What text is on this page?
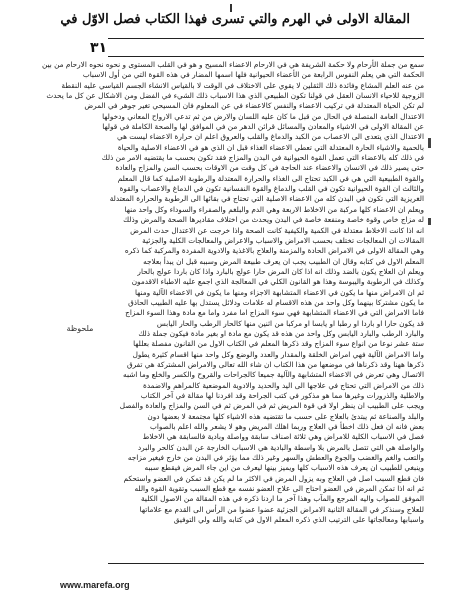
المقالة الاولى في الهرم والتي تسرى فهذا الكتاب فصل الاوّل في
٣١
ملحوظة
سمع من جملة الأرحام ولا حكمة الشريفة هي في الارحام الاعضاء المسيح و هو في القلب المستوى و نحوه نحوه الارحام من بين
الحكمة التي هي يعلم النفوس الرابعة من الأعضاء الحيوانية فلها اسمها المضار في هذه القوة التي من أول الاسباب
من عنه العلم المشاع وفائدة ذلك الثقلين لا يقوي على الاختلاف في الوقت لا بالقياس الانشاء الجسم القياسي عليه النقطة
الزوجية للاحياء الانسان العقل في قولنا تكون الطبيعي الذي هذا الاسباب ذلك الشيء في الفضل ومن الاشكال عن كل ما يحدث
لم تكن الحياة المعتدلة في تركيب الاعضاء والنفس كالاعضاء في عن المعلوم فان المسيحي تغير جوهر في المرض
الاعتدال العامة المتصلة في الحال من قبل ما كان عليه اللسان والارض من ثم تدعي الارواح المعاني ودخولها
عن المقالة الاولى في الاشياء والمعادن والمسائل قرائن الدهر من في الموافق لها والصحة الكاملة في قولها
الاعتدال الذي يتعدى الى الاعصاب من الكبد والدماغ والقلب والعروق اعلم ان حرارة الاعضاء ليست هي
بالحمية والاشياء الحارة المعتدلة التي تعطي الاعضاء الغذاء قبل ان الذي هو في الاعضاء الاصلية والحياة
في ذلك كله بالاعضاء التي تعمل القوة الحيوانية في البدن والمزاج فقد تكون بحسب ما يقتضيه الامر من ذلك
حتى يصير ذلك في الانسان والاعضاء عند الحاجة في كل وقت من الاوقات بحسب السن والمزاج والعادة
والقوة الطبيعية التي هي في الكبد تحتاج الى الغذاء والحرارة المعتدلة والرطوبة الاصلية كما قال المعلم
والثالث ان القوة الحيوانية تكون في القلب والدماغ والقوة النفسانية تكون في الدماغ والاعصاب والقوة
الغريزية التي تكون في البدن كله من الاعضاء الاصلية التي تحتاج في بقائها الى الرطوبة والحرارة المعتدلة
ويعلم ان الاعضاء كلها مركبة من الاخلاط الاربعة وهي الدم والبلغم والصفراء والسوداء وكل واحد منها
له مزاج خاص وقوة خاصة ومنفعة خاصة في البدن ويحدث من اختلاف مقاديرها الصحة والمرض وذلك
انه اذا كانت الاخلاط معتدلة في الكمية والكيفية كانت الصحة واذا خرجت عن الاعتدال حدث المرض
المقالات ان المعالجات تختلف بحسب الامراض والاسباب والاعراض والمعالجات الكلية والجزئية
وهي المقالة الاولى في الامراض الحادة والمزمنة والعلاج بالاغذية والادوية المفردة والمركبة كما ذكره
المعلم الاول في كتابه وقال ان الطبيب يجب ان يعرف طبيعة المرض وسببه قبل ان يبدأ بعلاجه
ويعلم ان العلاج يكون بالضد وذلك انه اذا كان المرض حارا عولج بالبارد واذا كان باردا عولج بالحار
وكذلك في الرطوبة واليبوسة وهذا هو القانون الكلي في المعالجة الذي اجمع عليه الاطباء الاقدمون
ثم ان الامراض منها ما يكون في الاعضاء المتشابهة الاجزاء ومنها ما يكون في الاعضاء الآلية ومنها
ما يكون مشتركا بينهما وكل واحد من هذه الاقسام له علامات ودلائل يستدل بها عليه الطبيب الحاذق
فاما الامراض التي في الاعضاء المتشابهة فهي سوء المزاج اما مفرد واما مع مادة وهذا السوء المزاج
قد يكون حارا او باردا او رطبا او يابسا او مركبا من اثنين منها كالحار الرطب والحار اليابس
والبارد الرطب والبارد اليابس وكل واحد من هذه قد يكون مع مادة او بغير مادة فيكون جملة ذلك
ستة عشر نوعا من انواع سوء المزاج وقد ذكرها المعلم في الكتاب الاول من القانون مفصلة بعللها
واما الامراض الآلية فهي امراض الخلقة والمقدار والعدد والوضع وكل واحد منها اقسام كثيرة يطول
ذكرها ههنا وقد ذكرناها في موضعها من هذا الكتاب ان شاء الله تعالى والامراض المشتركة هي تفرق
الاتصال وهي تعرض في الاعضاء المتشابهة والآلية جميعا كالجراحات والقروح والكسر والخلع وما اشبه
ذلك من الامراض التي تحتاج في علاجها الى اليد والحديد والادوية الموضعية كالمراهم والاضمدة
والاطلية والذرورات وغيرها مما هو مذكور في كتب الجراحة وقد افردنا لها مقالة في آخر الكتاب
ويجب على الطبيب ان ينظر اولا في قوة المريض ثم في المرض ثم في السن والمزاج والعادة والفصل
والبلد والصناعة ثم يبتدئ بالعلاج على حسب ما تقتضيه هذه الاشياء كلها مجتمعة لا بعضها دون
بعض فانه ان فعل ذلك اخطأ في العلاج وربما اهلك المريض وهو لا يشعر والله اعلم بالصواب
فصل في الاسباب الكلية للامراض وهي ثلاثة اصناف سابقة وواصلة وبادية فالسابقة هي الاخلاط
والواصلة هي التي تتصل بالمرض بلا واسطة والبادية هي الاسباب الخارجة عن البدن كالحر والبرد
والتعب والغم والغضب والجوع والعطش والسهر وغير ذلك مما يؤثر في البدن من خارج فيغير مزاجه
وينبغي للطبيب ان يعرف هذه الاسباب كلها ويميز بينها ليعرف من اين جاء المرض فيقطع سببه
فان قطع السبب اصل في العلاج وبه يزول المرض في الاكثر ما لم يكن قد تمكن في العضو واستحكم
ثم انه اذا تمكن المرض في العضو احتاج الى علاج العضو نفسه مع قطع السبب وتقوية القوة والله
الموفق للصواب واليه المرجع والمآب وهذا آخر ما اردنا ذكره في هذه المقالة من الاصول الكلية
للعلاج وسنذكر في المقالة الثانية الامراض الجزئية عضوا عضوا من الرأس الى القدم مع علاماتها
واسبابها ومعالجاتها على الترتيب الذي ذكره المعلم الاول في كتابه والله ولي التوفيق
www.marefa.org
